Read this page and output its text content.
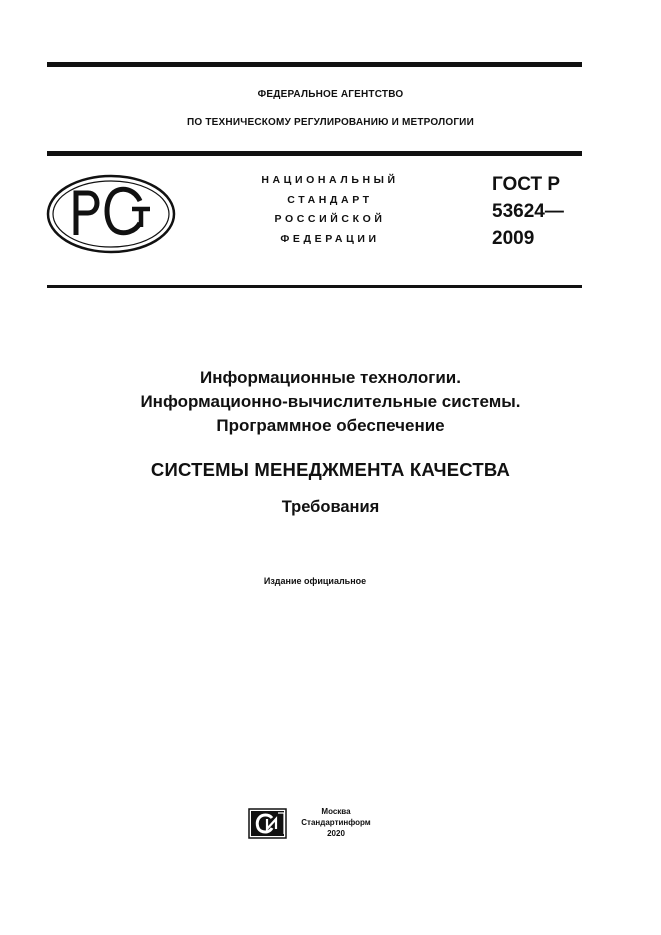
ФЕДЕРАЛЬНОЕ АГЕНТСТВО
ПО ТЕХНИЧЕСКОМУ РЕГУЛИРОВАНИЮ И МЕТРОЛОГИИ
НАЦИОНАЛЬНЫЙ
СТАНДАРТ
РОССИЙСКОЙ
ФЕДЕРАЦИИ
ГОСТ Р
53624—
2009
Информационные технологии.
Информационно-вычислительные системы.
Программное обеспечение
СИСТЕМЫ МЕНЕДЖМЕНТА КАЧЕСТВА
Требования
Издание официальное
Москва
Стандартинформ
2020
